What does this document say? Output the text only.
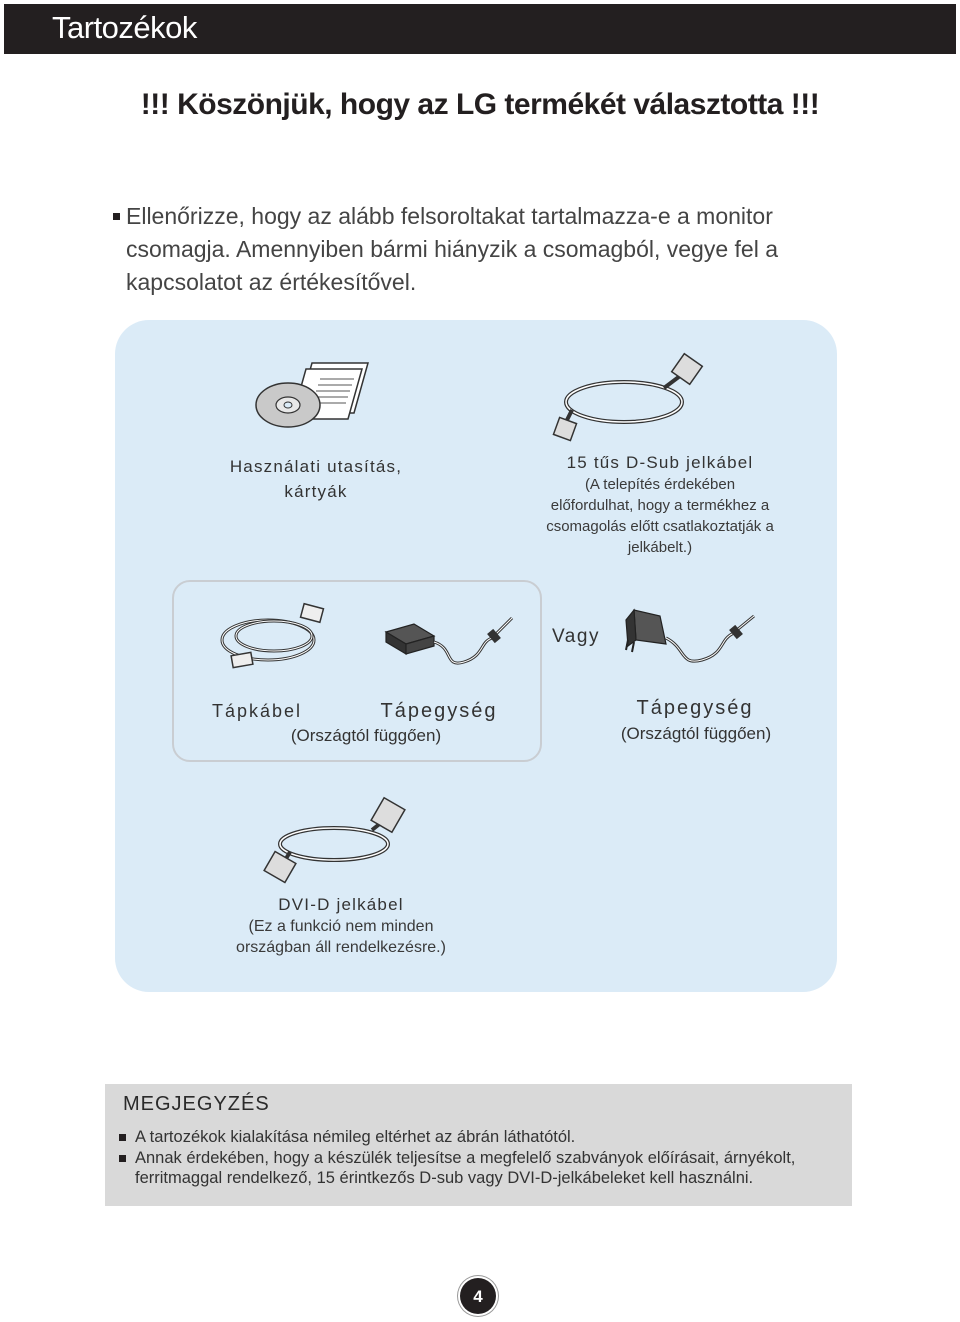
Tartozékok
!!! Köszönjük, hogy az LG termékét választotta !!!
Ellenőrizze, hogy az alább felsoroltakat tartalmazza-e a monitor
csomagja. Amennyiben bármi hiányzik a csomagból, vegye fel a
kapcsolatot az értékesítővel.
Használati utasítás,
kártyák
15 tűs D-Sub jelkábel
(A telepítés érdekében
előfordulhat, hogy a termékhez a
csomagolás előtt csatlakoztatják a
jelkábelt.)
Vagy
Tápkábel	Tápegység
(Országtól függően)
Tápegység
(Országtól függően)
DVI-D jelkábel
(Ez a funkció nem minden
országban áll rendelkezésre.)
MEGJEGYZÉS
A tartozékok kialakítása némileg eltérhet az ábrán láthatótól.
Annak érdekében, hogy a készülék teljesítse a megfelelő szabványok előírásait, árnyékolt,
ferritmaggal rendelkező, 15 érintkezős D-sub vagy DVI-D-jelkábeleket kell használni.
4
